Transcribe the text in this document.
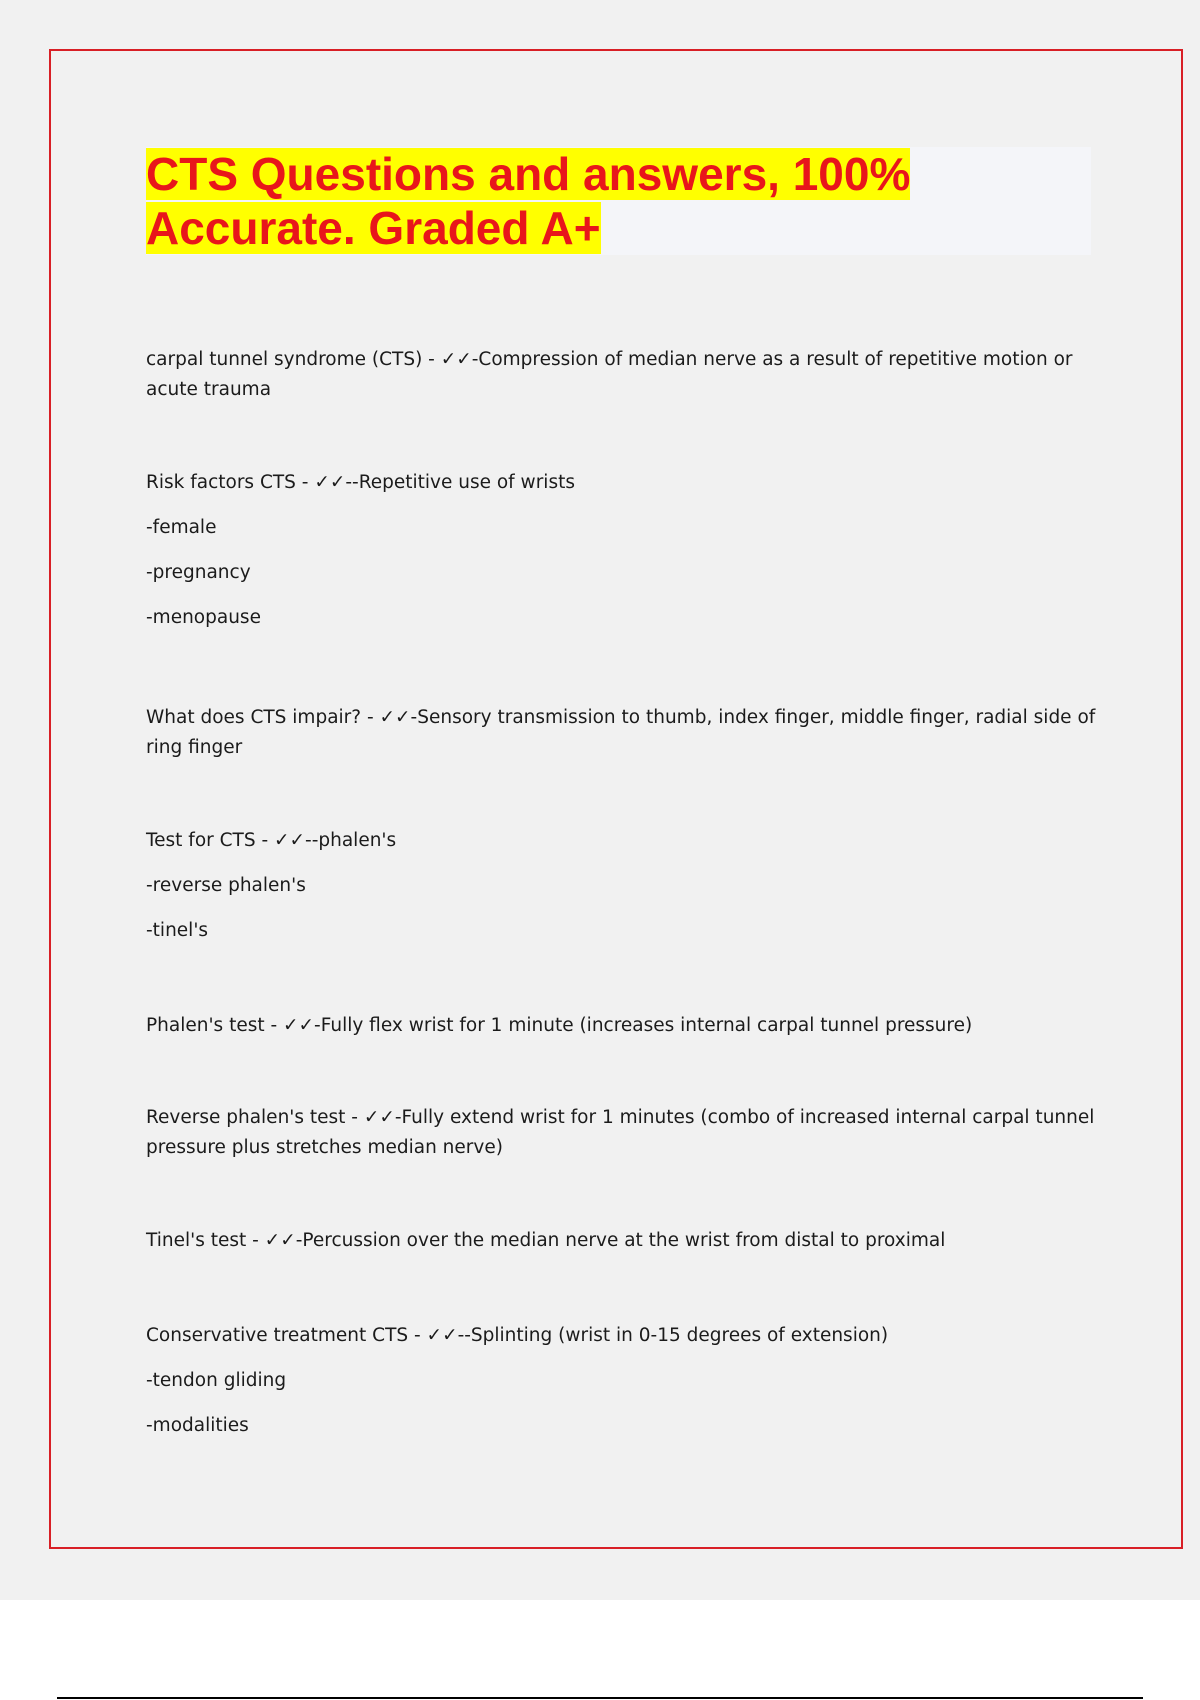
CTS Questions and answers, 100%
Accurate. Graded A+

carpal tunnel syndrome (CTS) - ✓✓-Compression of median nerve as a result of repetitive motion or

acute trauma

Risk factors CTS - ✓✓--Repetitive use of wrists

-female

-pregnancy

-menopause

What does CTS impair? - ✓✓-Sensory transmission to thumb, index finger, middle finger, radial side of

ring finger

Test for CTS - ✓✓--phalen's

-reverse phalen's

-tinel's

Phalen's test - ✓✓-Fully flex wrist for 1 minute (increases internal carpal tunnel pressure)

Reverse phalen's test - ✓✓-Fully extend wrist for 1 minutes (combo of increased internal carpal tunnel

pressure plus stretches median nerve)

Tinel's test - ✓✓-Percussion over the median nerve at the wrist from distal to proximal

Conservative treatment CTS - ✓✓--Splinting (wrist in 0-15 degrees of extension)

-tendon gliding

-modalities
